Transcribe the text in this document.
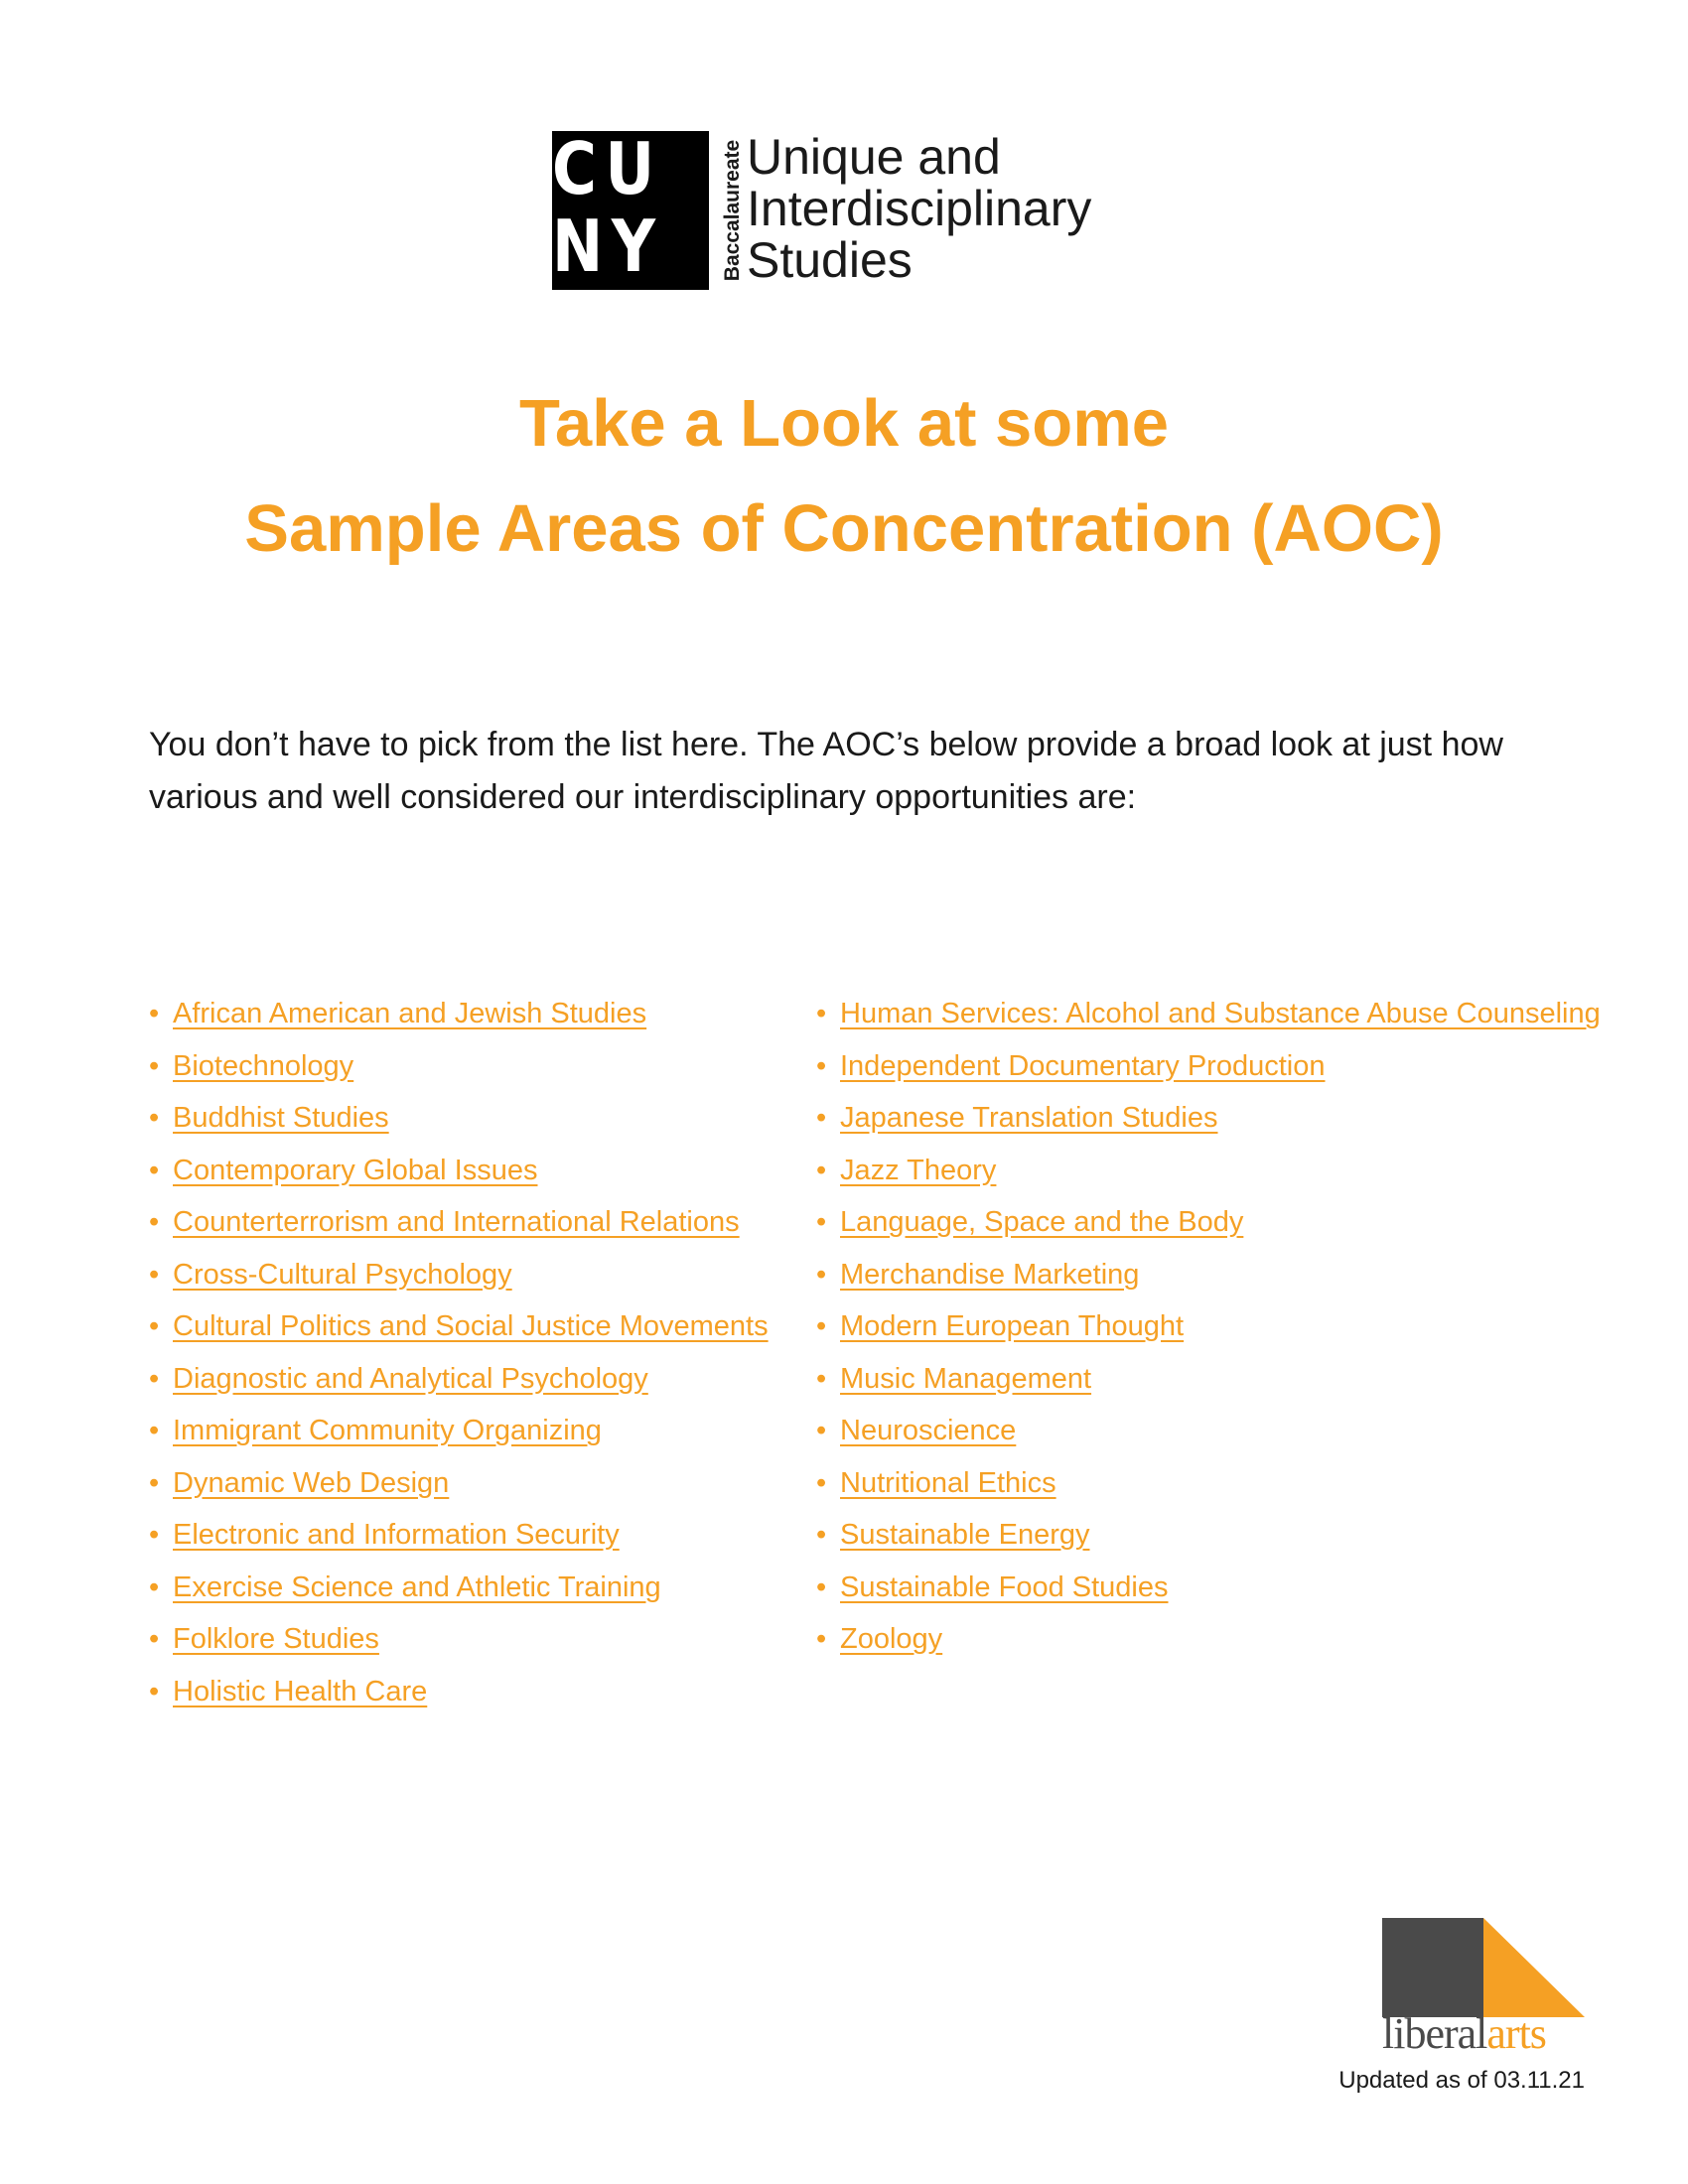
CU
NY	Baccalaureate Unique and
Interdisciplinary
Studies
Take a Look at some
Sample Areas of Concentration (AOC)
You don’t have to pick from the list here. The AOC’s below provide a broad look at just how various and well considered our interdisciplinary opportunities are:
• African American and Jewish Studies
• Biotechnology
• Buddhist Studies
• Contemporary Global Issues
• Counterterrorism and International Relations
• Cross-Cultural Psychology
• Cultural Politics and Social Justice Movements
• Diagnostic and Analytical Psychology
• Immigrant Community Organizing
• Dynamic Web Design
• Electronic and Information Security
• Exercise Science and Athletic Training
• Folklore Studies
• Holistic Health Care
• Human Services: Alcohol and Substance Abuse Counseling
• Independent Documentary Production
• Japanese Translation Studies
• Jazz Theory
• Language, Space and the Body
• Merchandise Marketing
• Modern European Thought
• Music Management
• Neuroscience
• Nutritional Ethics
• Sustainable Energy
• Sustainable Food Studies
• Zoology
liberalarts
Updated as of 03.11.21
